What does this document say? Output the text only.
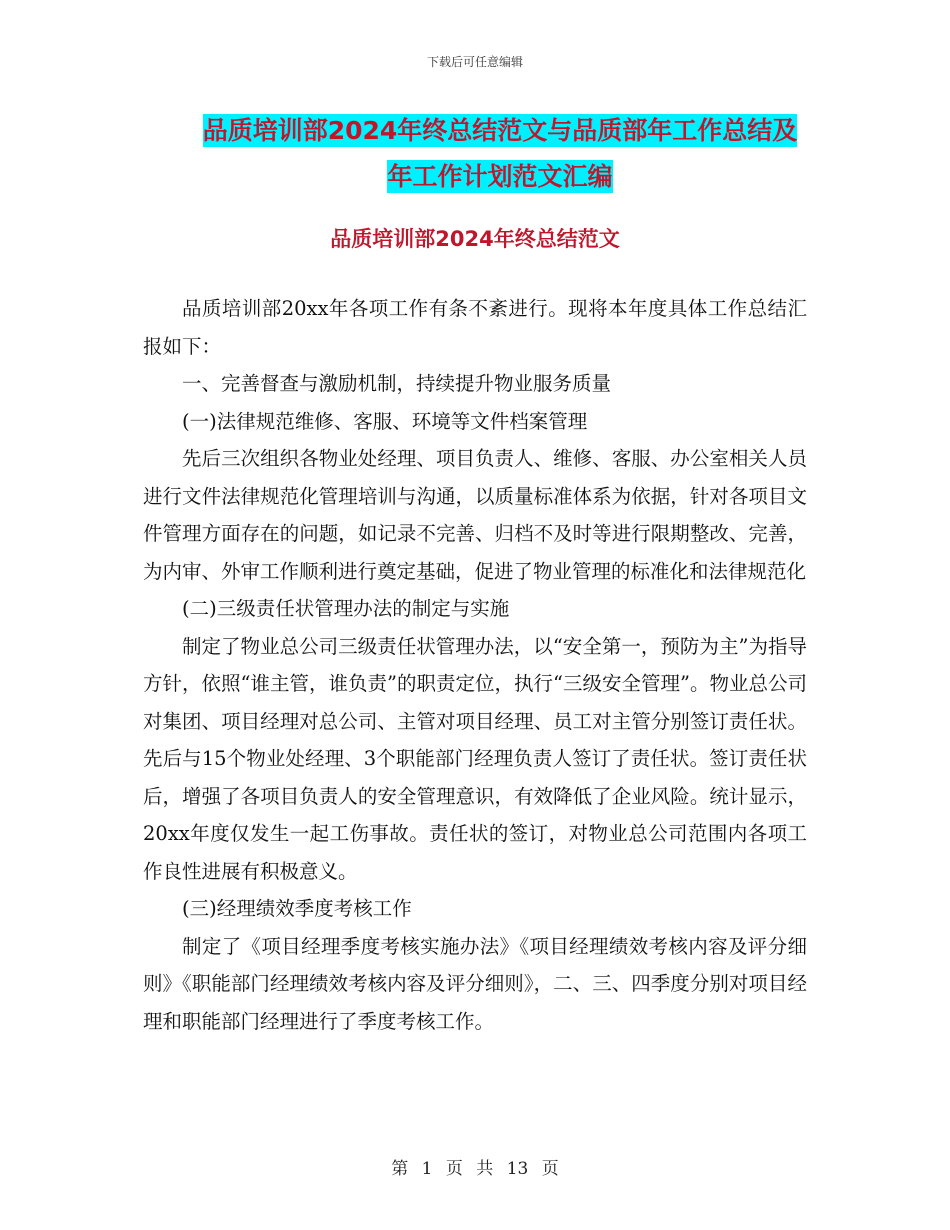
下载后可任意编辑
品质培训部2024年终总结范文与品质部年工作总结及
年工作计划范文汇编
品质培训部2024年终总结范文

品质培训部20xx年各项工作有条不紊进行。现将本年度具体工作总结汇报如下：

一、完善督查与激励机制，持续提升物业服务质量

(一)法律规范维修、客服、环境等文件档案管理

先后三次组织各物业处经理、项目负责人、维修、客服、办公室相关人员进行文件法律规范化管理培训与沟通，以质量标准体系为依据，针对各项目文件管理方面存在的问题，如记录不完善、归档不及时等进行限期整改、完善，为内审、外审工作顺利进行奠定基础，促进了物业管理的标准化和法律规范化

(二)三级责任状管理办法的制定与实施

制定了物业总公司三级责任状管理办法，以“安全第一，预防为主”为指导方针，依照“谁主管，谁负责”的职责定位，执行“三级安全管理”。物业总公司对集团、项目经理对总公司、主管对项目经理、员工对主管分别签订责任状。先后与15个物业处经理、3个职能部门经理负责人签订了责任状。签订责任状后，增强了各项目负责人的安全管理意识，有效降低了企业风险。统计显示，20xx年度仅发生一起工伤事故。责任状的签订，对物业总公司范围内各项工作良性进展有积极意义。

(三)经理绩效季度考核工作

制定了《项目经理季度考核实施办法》《项目经理绩效考核内容及评分细则》《职能部门经理绩效考核内容及评分细则》，二、三、四季度分别对项目经理和职能部门经理进行了季度考核工作。

第 1 页 共 13 页
